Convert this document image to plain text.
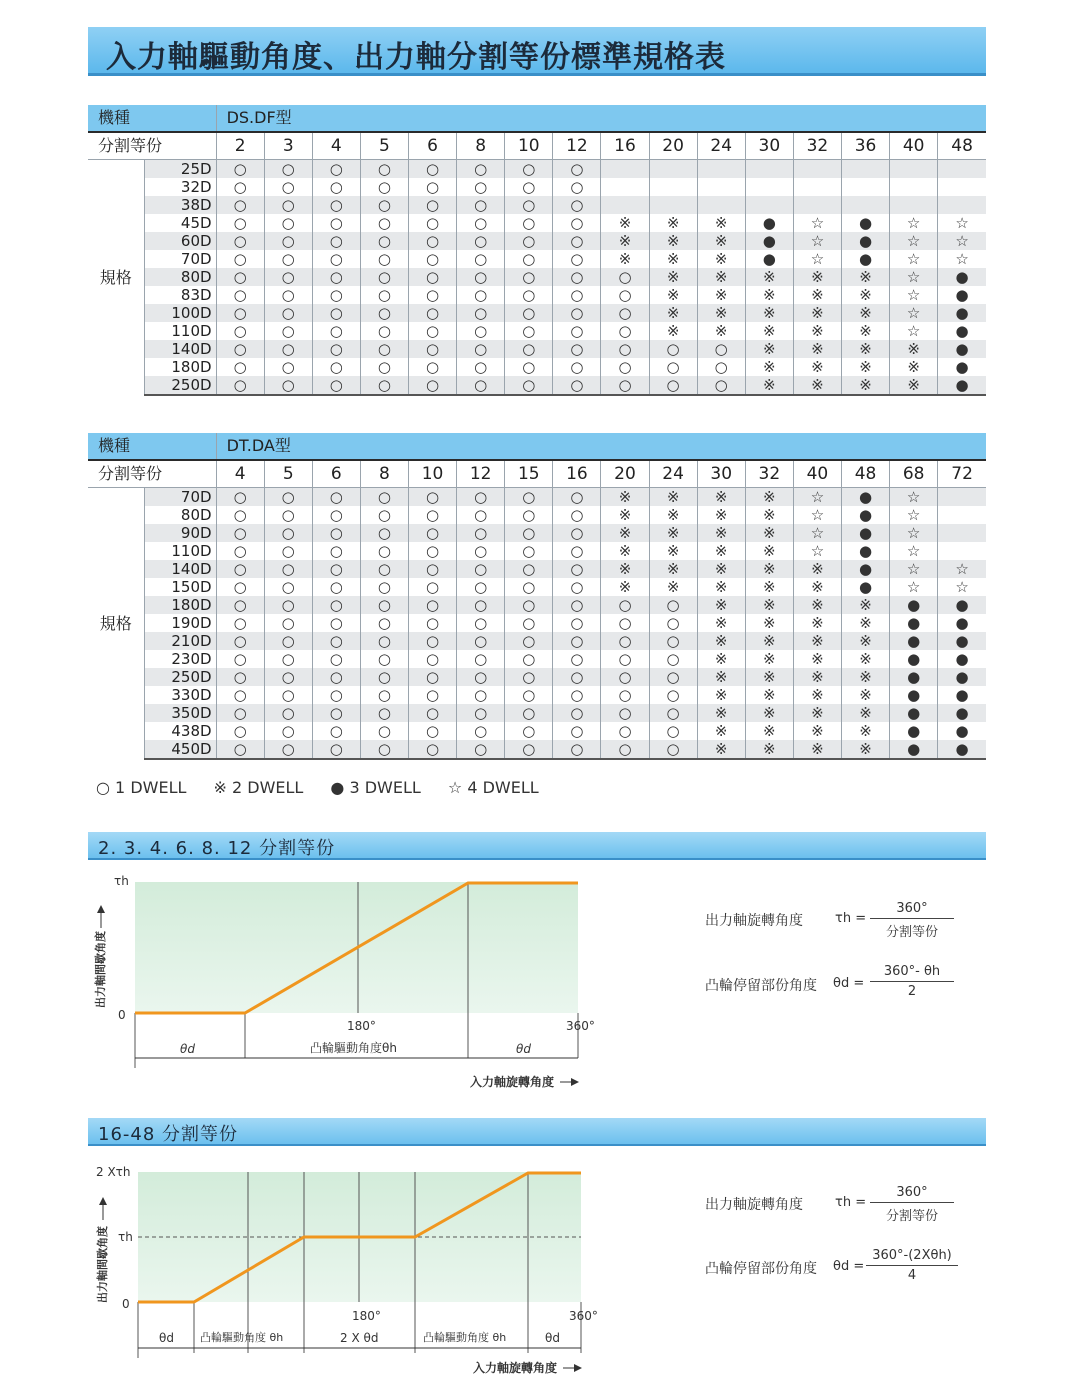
入力軸驅動角度、出力軸分割等份標準規格表
機種		DS.DF型															
分割等份		2	3	4	5	6	8	10	12	16	20	24	30	32	36	40	48
規格	25D	○	○	○	○	○	○	○	○								
	32D	○	○	○	○	○	○	○	○								
	38D	○	○	○	○	○	○	○	○								
	45D	○	○	○	○	○	○	○	○	※	※	※	●	☆	●	☆	☆
	60D	○	○	○	○	○	○	○	○	※	※	※	●	☆	●	☆	☆
	70D	○	○	○	○	○	○	○	○	※	※	※	●	☆	●	☆	☆
	80D	○	○	○	○	○	○	○	○	○	※	※	※	※	※	☆	●
	83D	○	○	○	○	○	○	○	○	○	※	※	※	※	※	☆	●
	100D	○	○	○	○	○	○	○	○	○	※	※	※	※	※	☆	●
	110D	○	○	○	○	○	○	○	○	○	※	※	※	※	※	☆	●
	140D	○	○	○	○	○	○	○	○	○	○	○	※	※	※	※	●
	180D	○	○	○	○	○	○	○	○	○	○	○	※	※	※	※	●
	250D	○	○	○	○	○	○	○	○	○	○	○	※	※	※	※	●
機種		DT.DA型															
分割等份		4	5	6	8	10	12	15	16	20	24	30	32	40	48	68	72
規格	70D	○	○	○	○	○	○	○	○	※	※	※	※	☆	●	☆	
	80D	○	○	○	○	○	○	○	○	※	※	※	※	☆	●	☆	
	90D	○	○	○	○	○	○	○	○	※	※	※	※	☆	●	☆	
	110D	○	○	○	○	○	○	○	○	※	※	※	※	☆	●	☆	
	140D	○	○	○	○	○	○	○	○	※	※	※	※	※	●	☆	☆
	150D	○	○	○	○	○	○	○	○	※	※	※	※	※	●	☆	☆
	180D	○	○	○	○	○	○	○	○	○	○	※	※	※	※	●	●
	190D	○	○	○	○	○	○	○	○	○	○	※	※	※	※	●	●
	210D	○	○	○	○	○	○	○	○	○	○	※	※	※	※	●	●
	230D	○	○	○	○	○	○	○	○	○	○	※	※	※	※	●	●
	250D	○	○	○	○	○	○	○	○	○	○	※	※	※	※	●	●
	330D	○	○	○	○	○	○	○	○	○	○	※	※	※	※	●	●
	350D	○	○	○	○	○	○	○	○	○	○	※	※	※	※	●	●
	438D	○	○	○	○	○	○	○	○	○	○	※	※	※	※	●	●
	450D	○	○	○	○	○	○	○	○	○	○	※	※	※	※	●	●
○ 1 DWELL ※ 2 DWELL ● 3 DWELL ☆ 4 DWELL
2. 3. 4. 6. 8. 12 分割等份
τh
0
180°	360°
出力軸間歇角度
θd	凸輪驅動角度θh	θd
入力軸旋轉角度
出力軸旋轉角度 τh =
360°
分割等份
凸輪停留部份角度 $\theta d = \frac{360^\circ- \theta h}{2}$
16-48 分割等份
2 Xτh
τh
0
180°	360°
出力軸間歇角度
θd 凸輪驅動角度 θh	2 X θd	凸輪驅動角度 θh	θd
入力軸旋轉角度
出力軸旋轉角度 τh =
360°
分割等份
凸輪停留部份角度 θd =
360°-(2Xθh)
4
